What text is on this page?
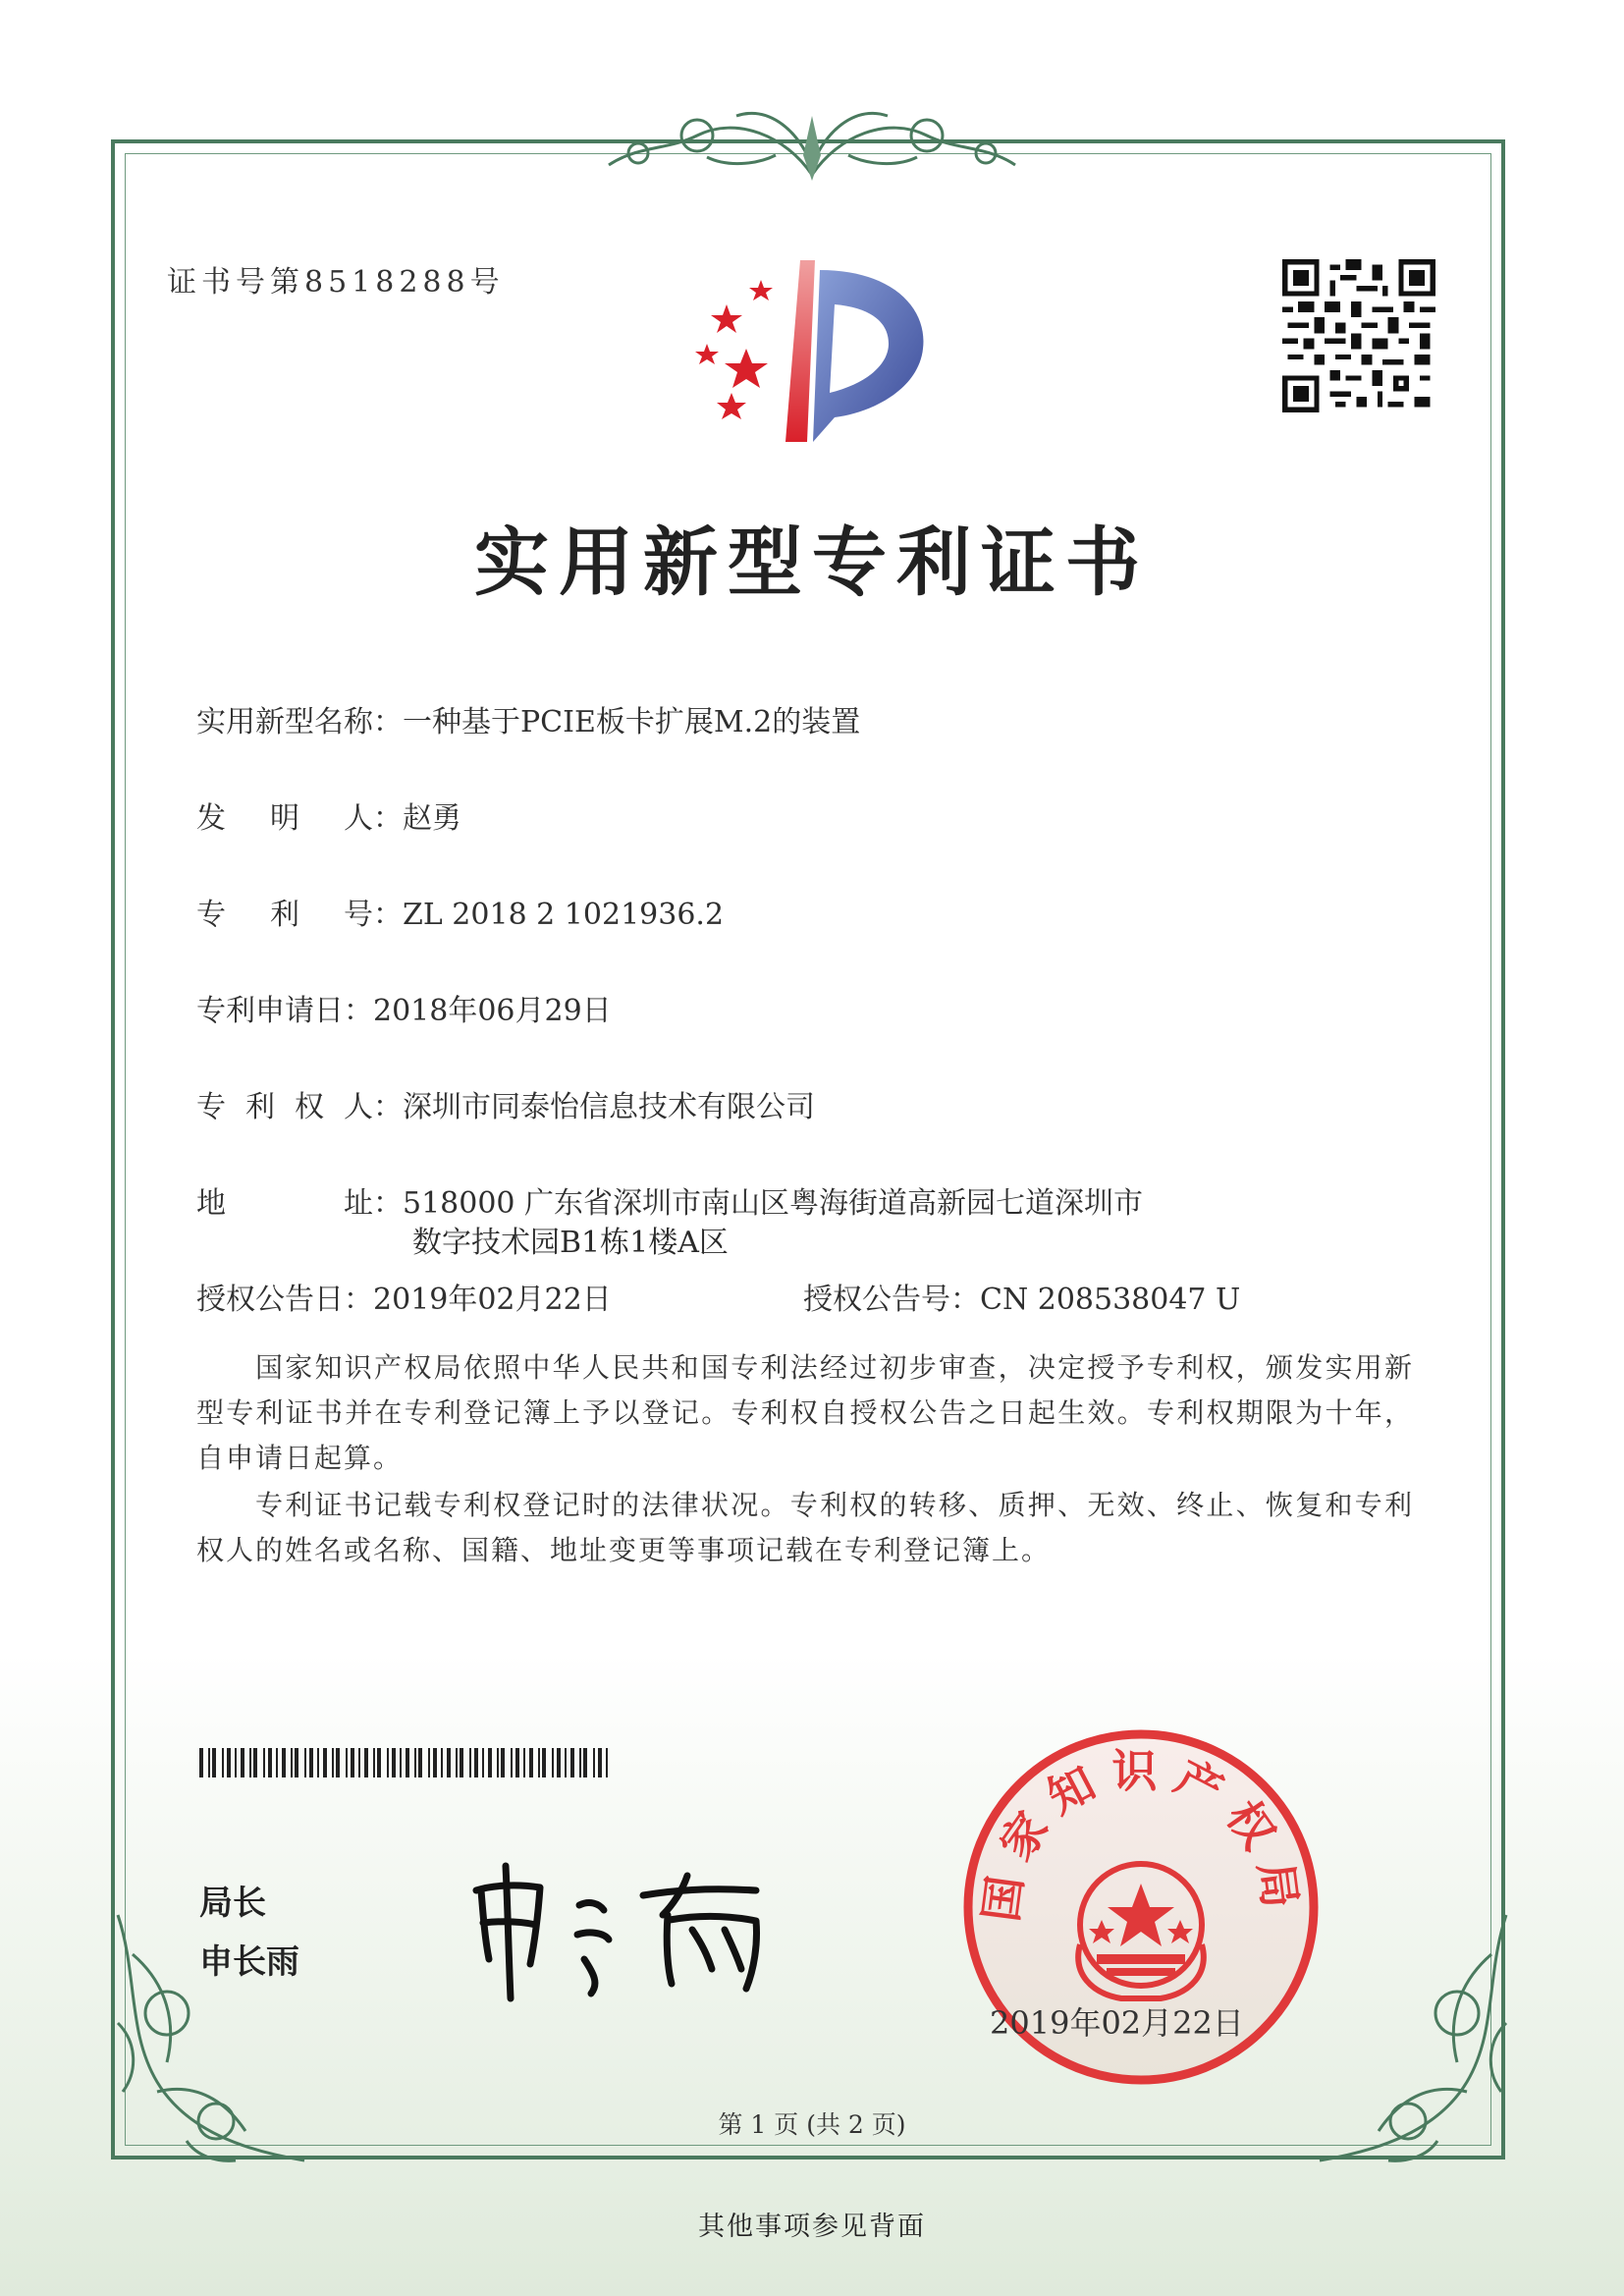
证书号第8518288号
实用新型专利证书
实用新型名称：一种基于PCIE板卡扩展M.2的装置
发 明 人 ：赵勇
专 利 号 ：ZL 2018 2 1021936.2
专利申请日：2018年06月29日
专 利 权 人 ：深圳市同泰怡信息技术有限公司
地	址 ：518000 广东省深圳市南山区粤海街道高新园七道深圳市
数字技术园B1栋1楼A区
授权公告日：2019年02月22日	授权公告号：CN 208538047 U
国家知识产权局依照中华人民共和国专利法经过初步审查，决定授予专利权，颁发实用新型专利证书并在专利登记簿上予以登记。专利权自授权公告之日起生效。专利权期限为十年，自申请日起算。
专利证书记载专利权登记时的法律状况。专利权的转移、质押、无效、终止、恢复和专利权人的姓名或名称、国籍、地址变更等事项记载在专利登记簿上。
局长
申长雨
国家知识产权局
2019年02月22日
第 1 页 (共 2 页)
其他事项参见背面
